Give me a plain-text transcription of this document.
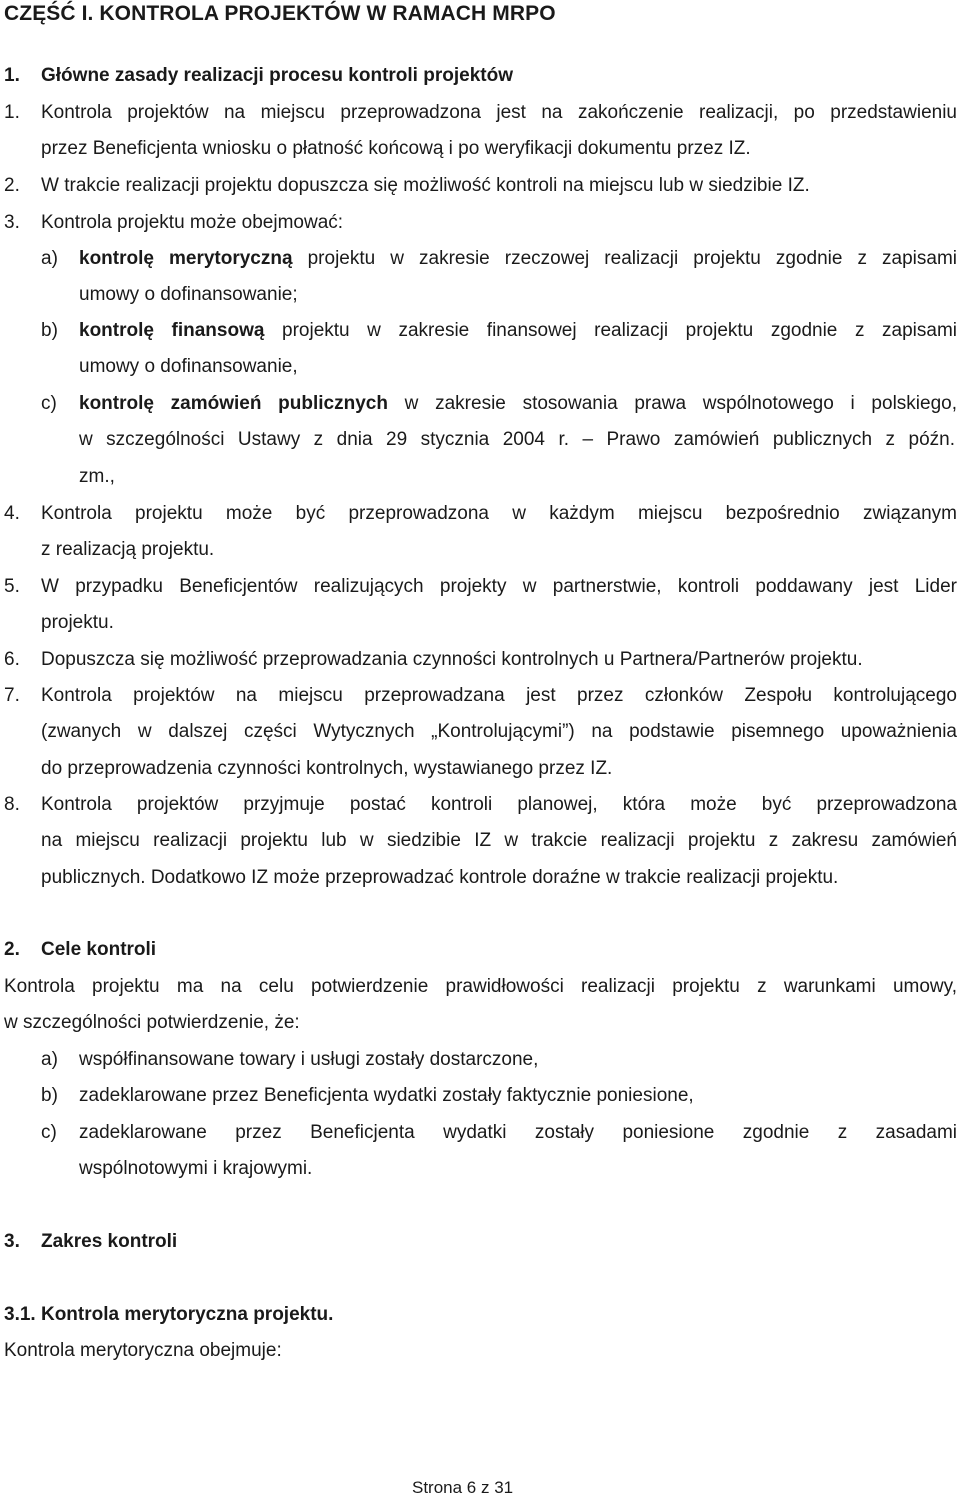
CZĘŚĆ I. KONTROLA PROJEKTÓW W RAMACH MRPO
1. Główne zasady realizacji procesu kontroli projektów
1. Kontrola projektów na miejscu przeprowadzona jest na zakończenie realizacji, po przedstawieniu
przez Beneficjenta wniosku o płatność końcową i po weryfikacji dokumentu przez IZ.
2. W trakcie realizacji projektu dopuszcza się możliwość kontroli na miejscu lub w siedzibie IZ.
3. Kontrola projektu może obejmować:
a) kontrolę merytoryczną projektu w zakresie rzeczowej realizacji projektu zgodnie z zapisami
umowy o dofinansowanie;
b) kontrolę finansową projektu w zakresie finansowej realizacji projektu zgodnie z zapisami
umowy o dofinansowanie,
c) kontrolę zamówień publicznych w zakresie stosowania prawa wspólnotowego i polskiego,
w szczególności Ustawy z dnia 29 stycznia 2004 r. ‒ Prawo zamówień publicznych z późn.
zm.,
4. Kontrola projektu może być przeprowadzona w każdym miejscu bezpośrednio związanym
z realizacją projektu.
5. W przypadku Beneficjentów realizujących projekty w partnerstwie, kontroli poddawany jest Lider
projektu.
6. Dopuszcza się możliwość przeprowadzania czynności kontrolnych u Partnera/Partnerów projektu.
7. Kontrola projektów na miejscu przeprowadzana jest przez członków Zespołu kontrolującego
(zwanych w dalszej części Wytycznych „Kontrolującymi”) na podstawie pisemnego upoważnienia
do przeprowadzenia czynności kontrolnych, wystawianego przez IZ.
8. Kontrola projektów przyjmuje postać kontroli planowej, która może być przeprowadzona
na miejscu realizacji projektu lub w siedzibie IZ w trakcie realizacji projektu z zakresu zamówień
publicznych. Dodatkowo IZ może przeprowadzać kontrole doraźne w trakcie realizacji projektu.
2. Cele kontroli
Kontrola projektu ma na celu potwierdzenie prawidłowości realizacji projektu z warunkami umowy,
w szczególności potwierdzenie, że:
a) współfinansowane towary i usługi zostały dostarczone,
b) zadeklarowane przez Beneficjenta wydatki zostały faktycznie poniesione,
c) zadeklarowane przez Beneficjenta wydatki zostały poniesione zgodnie z zasadami
wspólnotowymi i krajowymi.
3. Zakres kontroli
3.1. Kontrola merytoryczna projektu.
Kontrola merytoryczna obejmuje:
Strona 6 z 31
